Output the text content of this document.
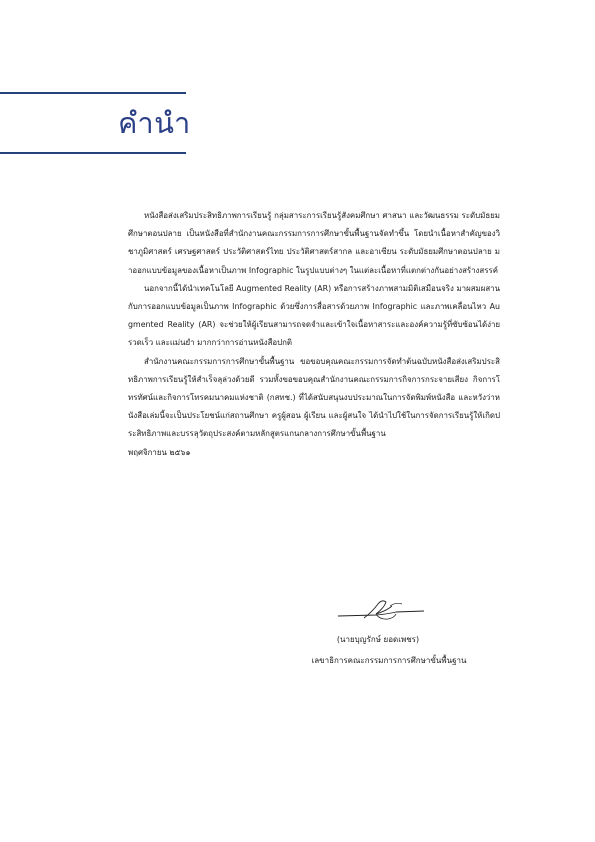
คำนำ

หนังสือส่งเสริมประสิทธิภาพการเรียนรู้ กลุ่มสาระการเรียนรู้สังคมศึกษา ศาสนา และวัฒนธรรม ระดับมัธยมศึกษาตอนปลาย เป็นหนังสือที่สำนักงานคณะกรรมการการศึกษาขั้นพื้นฐานจัดทำขึ้น โดยนำเนื้อหาสำคัญของวิชาภูมิศาสตร์ เศรษฐศาสตร์ ประวัติศาสตร์ไทย ประวัติศาสตร์สากล และอาเซียน ระดับมัธยมศึกษาตอนปลาย มาออกแบบข้อมูลของเนื้อหาเป็นภาพ Infographic ในรูปแบบต่างๆ ในแต่ละเนื้อหาที่แตกต่างกันอย่างสร้างสรรค์

นอกจากนี้ได้นำเทคโนโลยี Augmented Reality (AR) หรือการสร้างภาพสามมิติเสมือนจริง มาผสมผสานกับการออกแบบข้อมูลเป็นภาพ Infographic ด้วยซึ่งการสื่อสารด้วยภาพ Infographic และภาพเคลื่อนไหว Augmented Reality (AR) จะช่วยให้ผู้เรียนสามารถจดจำและเข้าใจเนื้อหาสาระและองค์ความรู้ที่ซับซ้อนได้ง่าย รวดเร็ว และแม่นยำ มากกว่าการอ่านหนังสือปกติ

สำนักงานคณะกรรมการการศึกษาขั้นพื้นฐาน ขอขอบคุณคณะกรรมการจัดทำต้นฉบับหนังสือส่งเสริมประสิทธิภาพการเรียนรู้ให้สำเร็จลุล่วงด้วยดี รวมทั้งขอขอบคุณสำนักงานคณะกรรมการกิจการกระจายเสียง กิจการโทรทัศน์และกิจการโทรคมนาคมแห่งชาติ (กสทช.) ที่ได้สนับสนุนงบประมาณในการจัดพิมพ์หนังสือ และหวังว่าหนังสือเล่มนี้จะเป็นประโยชน์แก่สถานศึกษา ครูผู้สอน ผู้เรียน และผู้สนใจ ได้นำไปใช้ในการจัดการเรียนรู้ให้เกิดประสิทธิภาพและบรรลุวัตถุประสงค์ตามหลักสูตรแกนกลางการศึกษาขั้นพื้นฐาน

พฤศจิกายน ๒๕๖๑

(นายบุญรักษ์ ยอดเพชร)
เลขาธิการคณะกรรมการการศึกษาขั้นพื้นฐาน
